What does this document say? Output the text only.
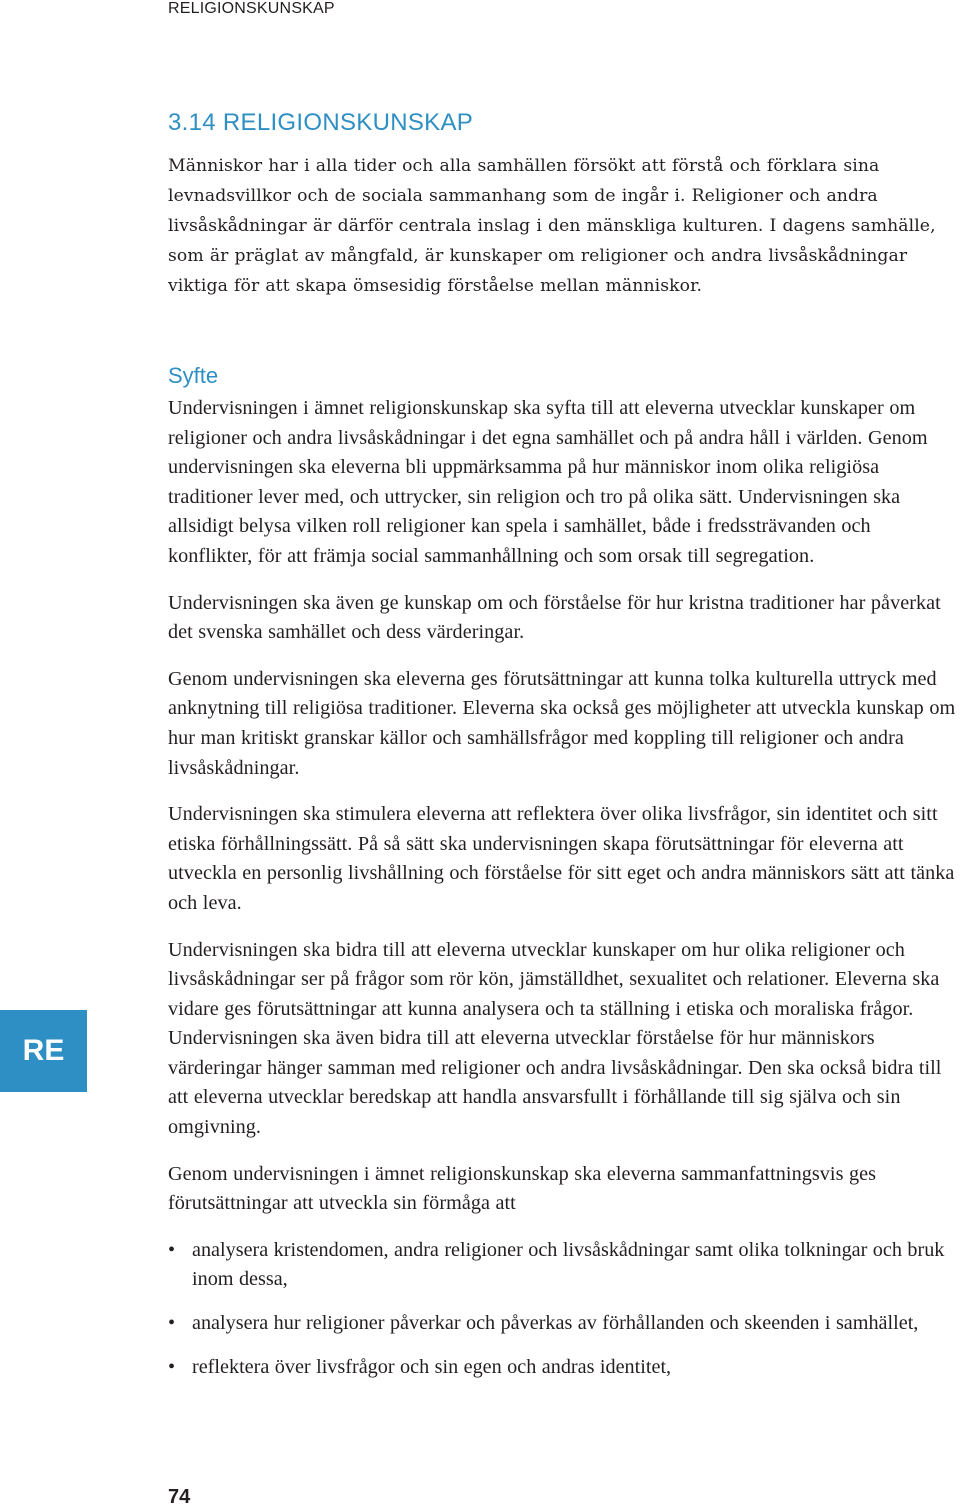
RELIGIONSKUNSKAP
3.14 RELIGIONSKUNSKAP

Människor har i alla tider och alla samhällen försökt att förstå och förklara sina levnadsvillkor och de sociala sammanhang som de ingår i. Religioner och andra livsåskådningar är därför centrala inslag i den mänskliga kulturen. I dagens samhälle, som är präglat av mångfald, är kunskaper om religioner och andra livsåskådningar viktiga för att skapa ömsesidig förståelse mellan människor.

Syfte

Undervisningen i ämnet religionskunskap ska syfta till att eleverna utvecklar kunskaper om religioner och andra livsåskådningar i det egna samhället och på andra håll i världen. Genom undervisningen ska eleverna bli uppmärksamma på hur människor inom olika religiösa traditioner lever med, och uttrycker, sin religion och tro på olika sätt. Undervisningen ska allsidigt belysa vilken roll religioner kan spela i samhället, både i fredssträvanden och konflikter, för att främja social sammanhållning och som orsak till segregation.

Undervisningen ska även ge kunskap om och förståelse för hur kristna traditioner har påverkat det svenska samhället och dess värderingar.

Genom undervisningen ska eleverna ges förutsättningar att kunna tolka kulturella uttryck med anknytning till religiösa traditioner. Eleverna ska också ges möjligheter att utveckla kunskap om hur man kritiskt granskar källor och samhällsfrågor med koppling till religioner och andra livsåskådningar.

Undervisningen ska stimulera eleverna att reflektera över olika livsfrågor, sin identitet och sitt etiska förhållningssätt. På så sätt ska undervisningen skapa förutsättningar för eleverna att utveckla en personlig livshållning och förståelse för sitt eget och andra människors sätt att tänka och leva.

Undervisningen ska bidra till att eleverna utvecklar kunskaper om hur olika religioner och livsåskådningar ser på frågor som rör kön, jämställdhet, sexualitet och relationer. Eleverna ska vidare ges förutsättningar att kunna analysera och ta ställning i etiska och moraliska frågor. Undervisningen ska även bidra till att eleverna utvecklar förståelse för hur människors värderingar hänger samman med religioner och andra livsåskådningar. Den ska också bidra till att eleverna utvecklar beredskap att handla ansvarsfullt i förhållande till sig själva och sin omgivning.

Genom undervisningen i ämnet religionskunskap ska eleverna sammanfattningsvis ges förutsättningar att utveckla sin förmåga att

• analysera kristendomen, andra religioner och livsåskådningar samt olika tolkningar och bruk inom dessa,
• analysera hur religioner påverkar och påverkas av förhållanden och skeenden i samhället,
• reflektera över livsfrågor och sin egen och andras identitet,
RE
74
